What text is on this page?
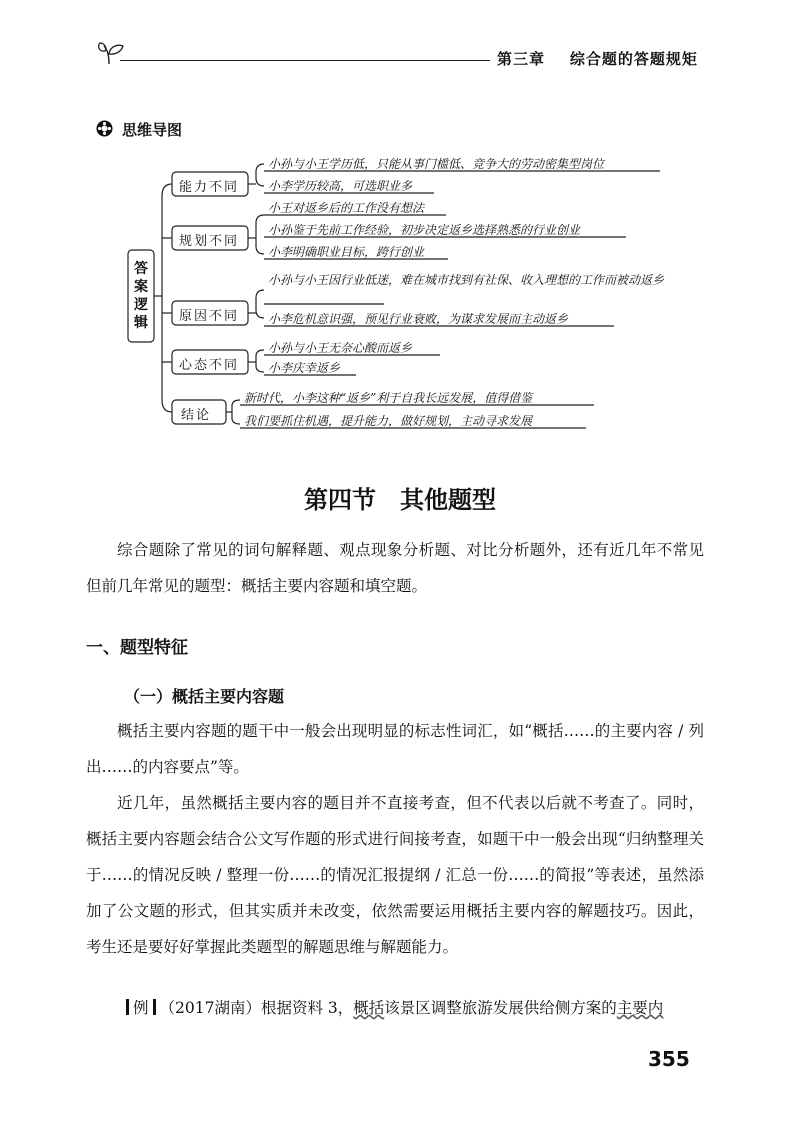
第三章 综合题的答题规矩
思维导图
答案逻辑
能力不同
规划不同
原因不同
心态不同
结论
小孙与小王学历低，只能从事门槛低、竞争大的劳动密集型岗位
小李学历较高，可选职业多
小王对返乡后的工作没有想法
小孙鉴于先前工作经验，初步决定返乡选择熟悉的行业创业
小李明确职业目标，跨行创业
小孙与小王因行业低迷，难在城市找到有社保、收入理想的工作而被动返乡
小李危机意识强，预见行业衰败，为谋求发展而主动返乡
小孙与小王无奈心酸而返乡
小李庆幸返乡
新时代，小李这种“返乡”利于自我长远发展，值得借鉴
我们要抓住机遇，提升能力，做好规划，主动寻求发展
第四节　其他题型
综合题除了常见的词句解释题、观点现象分析题、对比分析题外，还有近几年不常见但前几年常见的题型：概括主要内容题和填空题。
一、题型特征
（一）概括主要内容题
概括主要内容题的题干中一般会出现明显的标志性词汇，如“概括……的主要内容 / 列出……的内容要点”等。
近几年，虽然概括主要内容的题目并不直接考查，但不代表以后就不考查了。同时，概括主要内容题会结合公文写作题的形式进行间接考查，如题干中一般会出现“归纳整理关于……的情况反映 / 整理一份……的情况汇报提纲 / 汇总一份……的简报”等表述，虽然添加了公文题的形式，但其实质并未改变，依然需要运用概括主要内容的解题技巧。因此，考生还是要好好掌握此类题型的解题思维与解题能力。
例 （2017湖南）根据资料 3，概括该景区调整旅游发展供给侧方案的主要内
355
